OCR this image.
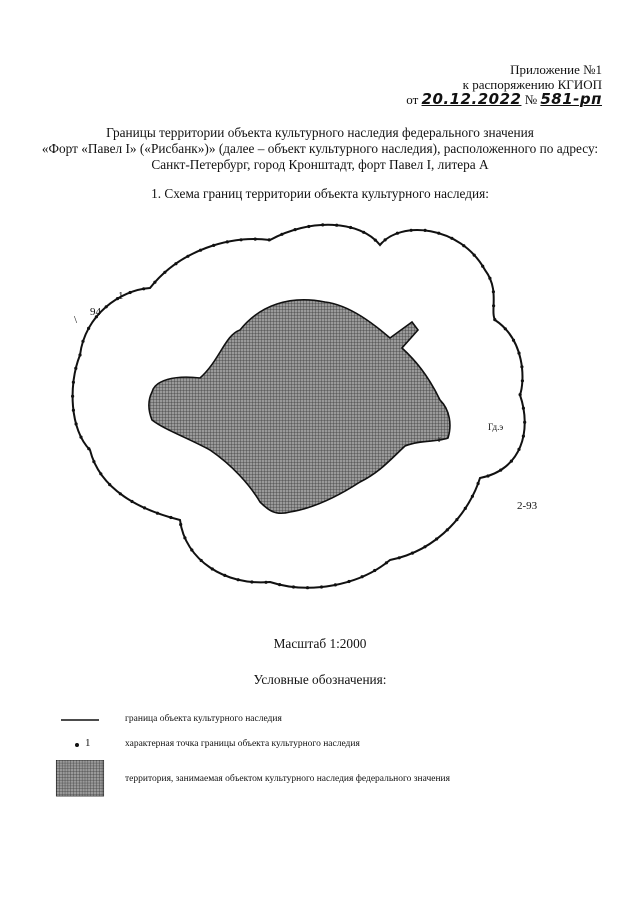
Приложение №1
к распоряжению КГИОП
от 20.12.2022 № 581-рп
Границы территории объекта культурного наследия федерального значения
«Форт «Павел I» («Рисбанк»)» (далее – объект культурного наследия), расположенного по адресу:
Санкт-Петербург, город Кронштадт, форт Павел I, литера А
1. Схема границ территории объекта культурного наследия:
1
94
\
r
Гд.э
2-93
Масштаб 1:2000
Условные обозначения:
граница объекта культурного наследия
1	характерная точка границы объекта культурного наследия
территория, занимаемая объектом культурного наследия федерального значения
